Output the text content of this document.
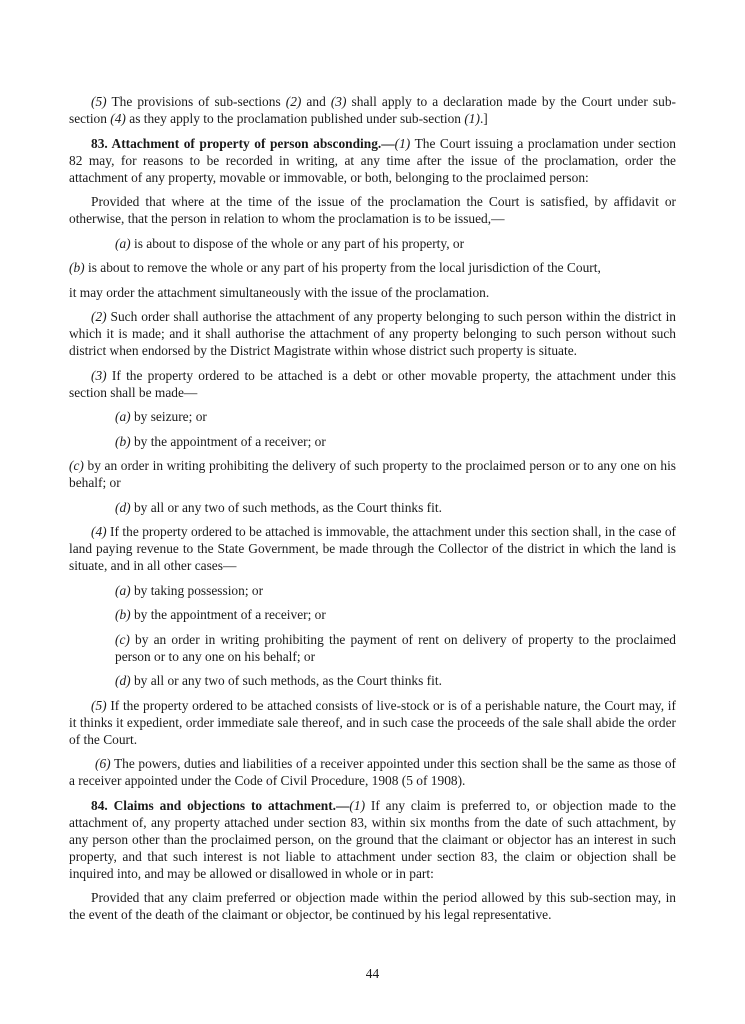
(5) The provisions of sub-sections (2) and (3) shall apply to a declaration made by the Court under sub-section (4) as they apply to the proclamation published under sub-section (1).]

83. Attachment of property of person absconding.—(1) The Court issuing a proclamation under section 82 may, for reasons to be recorded in writing, at any time after the issue of the proclamation, order the attachment of any property, movable or immovable, or both, belonging to the proclaimed person:

Provided that where at the time of the issue of the proclamation the Court is satisfied, by affidavit or otherwise, that the person in relation to whom the proclamation is to be issued,—

(a) is about to dispose of the whole or any part of his property, or

(b) is about to remove the whole or any part of his property from the local jurisdiction of the Court,

it may order the attachment simultaneously with the issue of the proclamation.

(2) Such order shall authorise the attachment of any property belonging to such person within the district in which it is made; and it shall authorise the attachment of any property belonging to such person without such district when endorsed by the District Magistrate within whose district such property is situate.

(3) If the property ordered to be attached is a debt or other movable property, the attachment under this section shall be made—

(a) by seizure; or

(b) by the appointment of a receiver; or

(c) by an order in writing prohibiting the delivery of such property to the proclaimed person or to any one on his behalf; or

(d) by all or any two of such methods, as the Court thinks fit.

(4) If the property ordered to be attached is immovable, the attachment under this section shall, in the case of land paying revenue to the State Government, be made through the Collector of the district in which the land is situate, and in all other cases—

(a) by taking possession; or

(b) by the appointment of a receiver; or

(c) by an order in writing prohibiting the payment of rent on delivery of property to the proclaimed person or to any one on his behalf; or

(d) by all or any two of such methods, as the Court thinks fit.

(5) If the property ordered to be attached consists of live-stock or is of a perishable nature, the Court may, if it thinks it expedient, order immediate sale thereof, and in such case the proceeds of the sale shall abide the order of the Court.

(6) The powers, duties and liabilities of a receiver appointed under this section shall be the same as those of a receiver appointed under the Code of Civil Procedure, 1908 (5 of 1908).

84. Claims and objections to attachment.—(1) If any claim is preferred to, or objection made to the attachment of, any property attached under section 83, within six months from the date of such attachment, by any person other than the proclaimed person, on the ground that the claimant or objector has an interest in such property, and that such interest is not liable to attachment under section 83, the claim or objection shall be inquired into, and may be allowed or disallowed in whole or in part:

Provided that any claim preferred or objection made within the period allowed by this sub-section may, in the event of the death of the claimant or objector, be continued by his legal representative.

44
